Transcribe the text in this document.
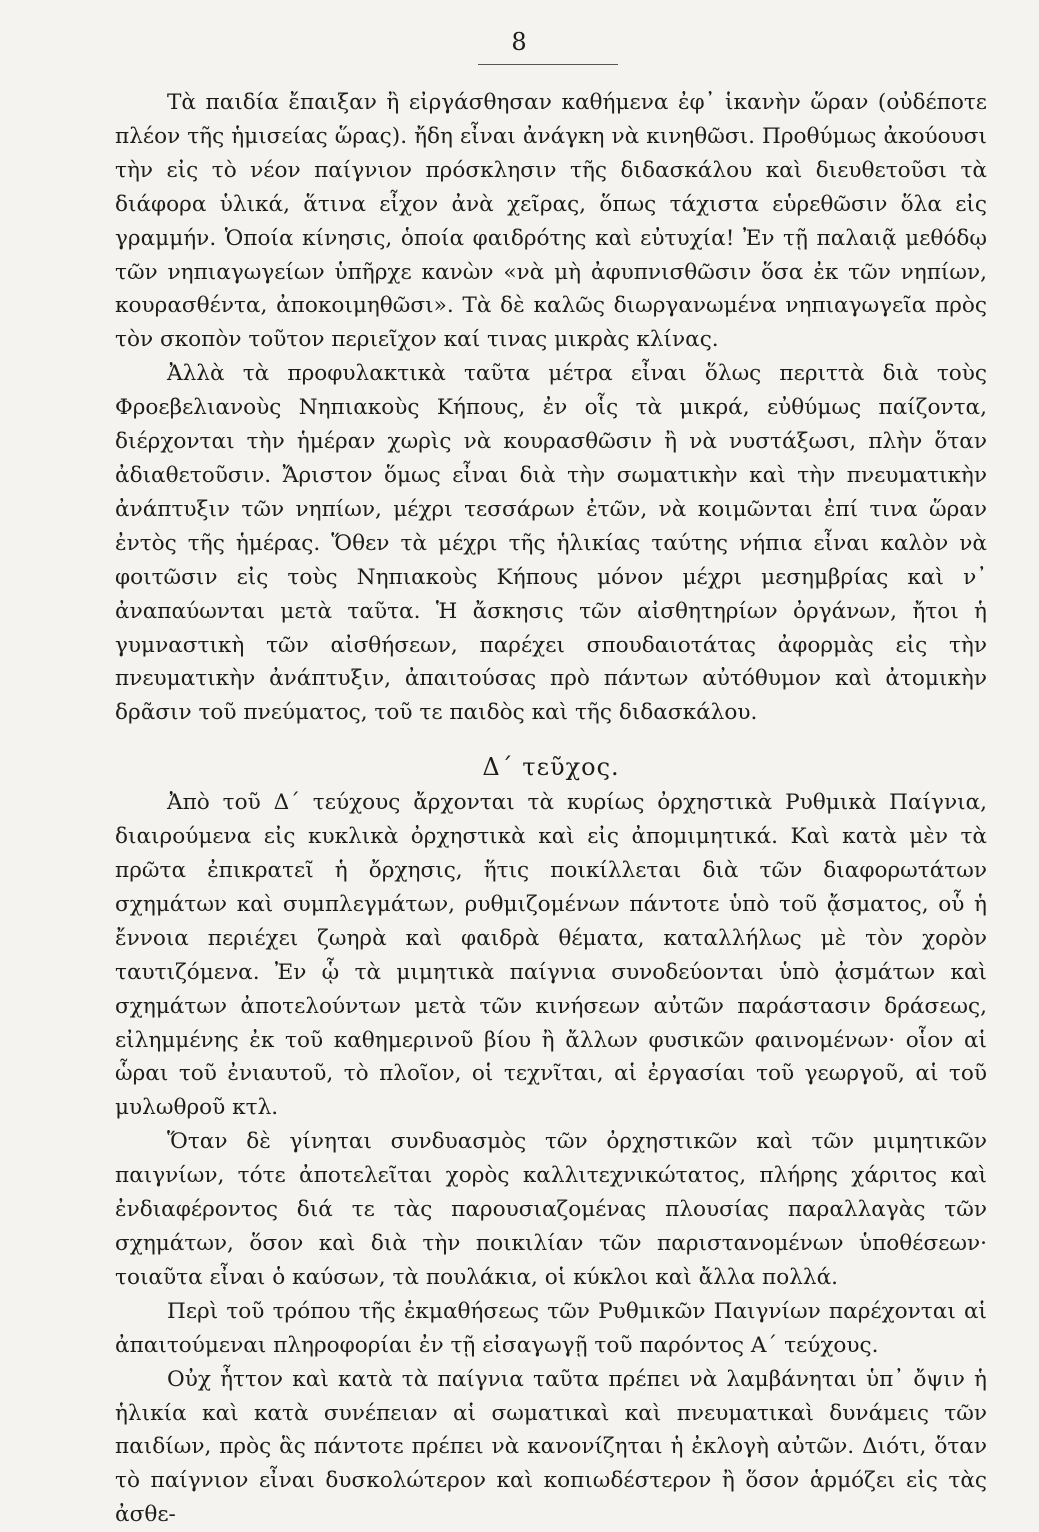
8

Τὰ παιδία ἔπαιξαν ἢ εἰργάσθησαν καθήμενα ἐφ᾽ ἱκανὴν ὥραν (οὐδέποτε πλέον τῆς ἡμισείας ὥρας). ἤδη εἶναι ἀνάγκη νὰ κινηθῶσι. Προθύμως ἀκούουσι τὴν εἰς τὸ νέον παίγνιον πρόσκλησιν τῆς διδασκάλου καὶ διευθετοῦσι τὰ διάφορα ὑλικά, ἅτινα εἶχον ἀνὰ χεῖρας, ὅπως τάχιστα εὑρεθῶσιν ὅλα εἰς γραμμήν. Ὁποία κίνησις, ὁποία φαιδρότης καὶ εὐτυχία! Ἐν τῇ παλαιᾷ μεθόδῳ τῶν νηπιαγωγείων ὑπῆρχε κανὼν «νὰ μὴ ἀφυπνισθῶσιν ὅσα ἐκ τῶν νηπίων, κουρασθέντα, ἀποκοιμηθῶσι». Τὰ δὲ καλῶς διωργανωμένα νηπιαγωγεῖα πρὸς τὸν σκοπὸν τοῦτον περιεῖχον καί τινας μικρὰς κλίνας.

Ἀλλὰ τὰ προφυλακτικὰ ταῦτα μέτρα εἶναι ὅλως περιττὰ διὰ τοὺς Φροεβελιανοὺς Νηπιακοὺς Κήπους, ἐν οἷς τὰ μικρά, εὐθύμως παίζοντα, διέρχονται τὴν ἡμέραν χωρὶς νὰ κουρασθῶσιν ἢ νὰ νυστάξωσι, πλὴν ὅταν ἀδιαθετοῦσιν. Ἄριστον ὅμως εἶναι διὰ τὴν σωματικὴν καὶ τὴν πνευματικὴν ἀνάπτυξιν τῶν νηπίων, μέχρι τεσσάρων ἐτῶν, νὰ κοιμῶνται ἐπί τινα ὥραν ἐντὸς τῆς ἡμέρας. Ὅθεν τὰ μέχρι τῆς ἡλικίας ταύτης νήπια εἶναι καλὸν νὰ φοιτῶσιν εἰς τοὺς Νηπιακοὺς Κήπους μόνον μέχρι μεσημβρίας καὶ ν᾽ ἀναπαύωνται μετὰ ταῦτα. Ἡ ἄσκησις τῶν αἰσθητηρίων ὀργάνων, ἤτοι ἡ γυμναστικὴ τῶν αἰσθήσεων, παρέχει σπουδαιοτάτας ἀφορμὰς εἰς τὴν πνευματικὴν ἀνάπτυξιν, ἀπαιτούσας πρὸ πάντων αὐτόθυμον καὶ ἀτομικὴν δρᾶσιν τοῦ πνεύματος, τοῦ τε παιδὸς καὶ τῆς διδασκάλου.

Δ´ τεῦχος.

Ἀπὸ τοῦ Δ´ τεύχους ἄρχονται τὰ κυρίως ὀρχηστικὰ Ρυθμικὰ Παίγνια, διαιρούμενα εἰς κυκλικὰ ὀρχηστικὰ καὶ εἰς ἀπομιμητικά. Καὶ κατὰ μὲν τὰ πρῶτα ἐπικρατεῖ ἡ ὄρχησις, ἥτις ποικίλλεται διὰ τῶν διαφορωτάτων σχημάτων καὶ συμπλεγμάτων, ρυθμιζομένων πάντοτε ὑπὸ τοῦ ᾄσματος, οὗ ἡ ἔννοια περιέχει ζωηρὰ καὶ φαιδρὰ θέματα, καταλλήλως μὲ τὸν χορὸν ταυτιζόμενα. Ἐν ᾧ τὰ μιμητικὰ παίγνια συνοδεύονται ὑπὸ ᾀσμάτων καὶ σχημάτων ἀποτελούντων μετὰ τῶν κινήσεων αὐτῶν παράστασιν δράσεως, εἰλημμένης ἐκ τοῦ καθημερινοῦ βίου ἢ ἄλλων φυσικῶν φαινομένων· οἷον αἱ ὧραι τοῦ ἐνιαυτοῦ, τὸ πλοῖον, οἱ τεχνῖται, αἱ ἐργασίαι τοῦ γεωργοῦ, αἱ τοῦ μυλωθροῦ κτλ.

Ὅταν δὲ γίνηται συνδυασμὸς τῶν ὀρχηστικῶν καὶ τῶν μιμητικῶν παιγνίων, τότε ἀποτελεῖται χορὸς καλλιτεχνικώτατος, πλήρης χάριτος καὶ ἐνδιαφέροντος διά τε τὰς παρουσιαζομένας πλουσίας παραλλαγὰς τῶν σχημάτων, ὅσον καὶ διὰ τὴν ποικιλίαν τῶν παριστανομένων ὑποθέσεων· τοιαῦτα εἶναι ὁ καύσων, τὰ πουλάκια, οἱ κύκλοι καὶ ἄλλα πολλά.

Περὶ τοῦ τρόπου τῆς ἐκμαθήσεως τῶν Ρυθμικῶν Παιγνίων παρέχονται αἱ ἀπαιτούμεναι πληροφορίαι ἐν τῇ εἰσαγωγῇ τοῦ παρόντος Α´ τεύχους.

Οὐχ ἧττον καὶ κατὰ τὰ παίγνια ταῦτα πρέπει νὰ λαμβάνηται ὑπ᾽ ὄψιν ἡ ἡλικία καὶ κατὰ συνέπειαν αἱ σωματικαὶ καὶ πνευματικαὶ δυνάμεις τῶν παιδίων, πρὸς ἃς πάντοτε πρέπει νὰ κανονίζηται ἡ ἐκλογὴ αὐτῶν. Διότι, ὅταν τὸ παίγνιον εἶναι δυσκολώτερον καὶ κοπιωδέστερον ἢ ὅσον ἁρμόζει εἰς τὰς ἀσθε-
